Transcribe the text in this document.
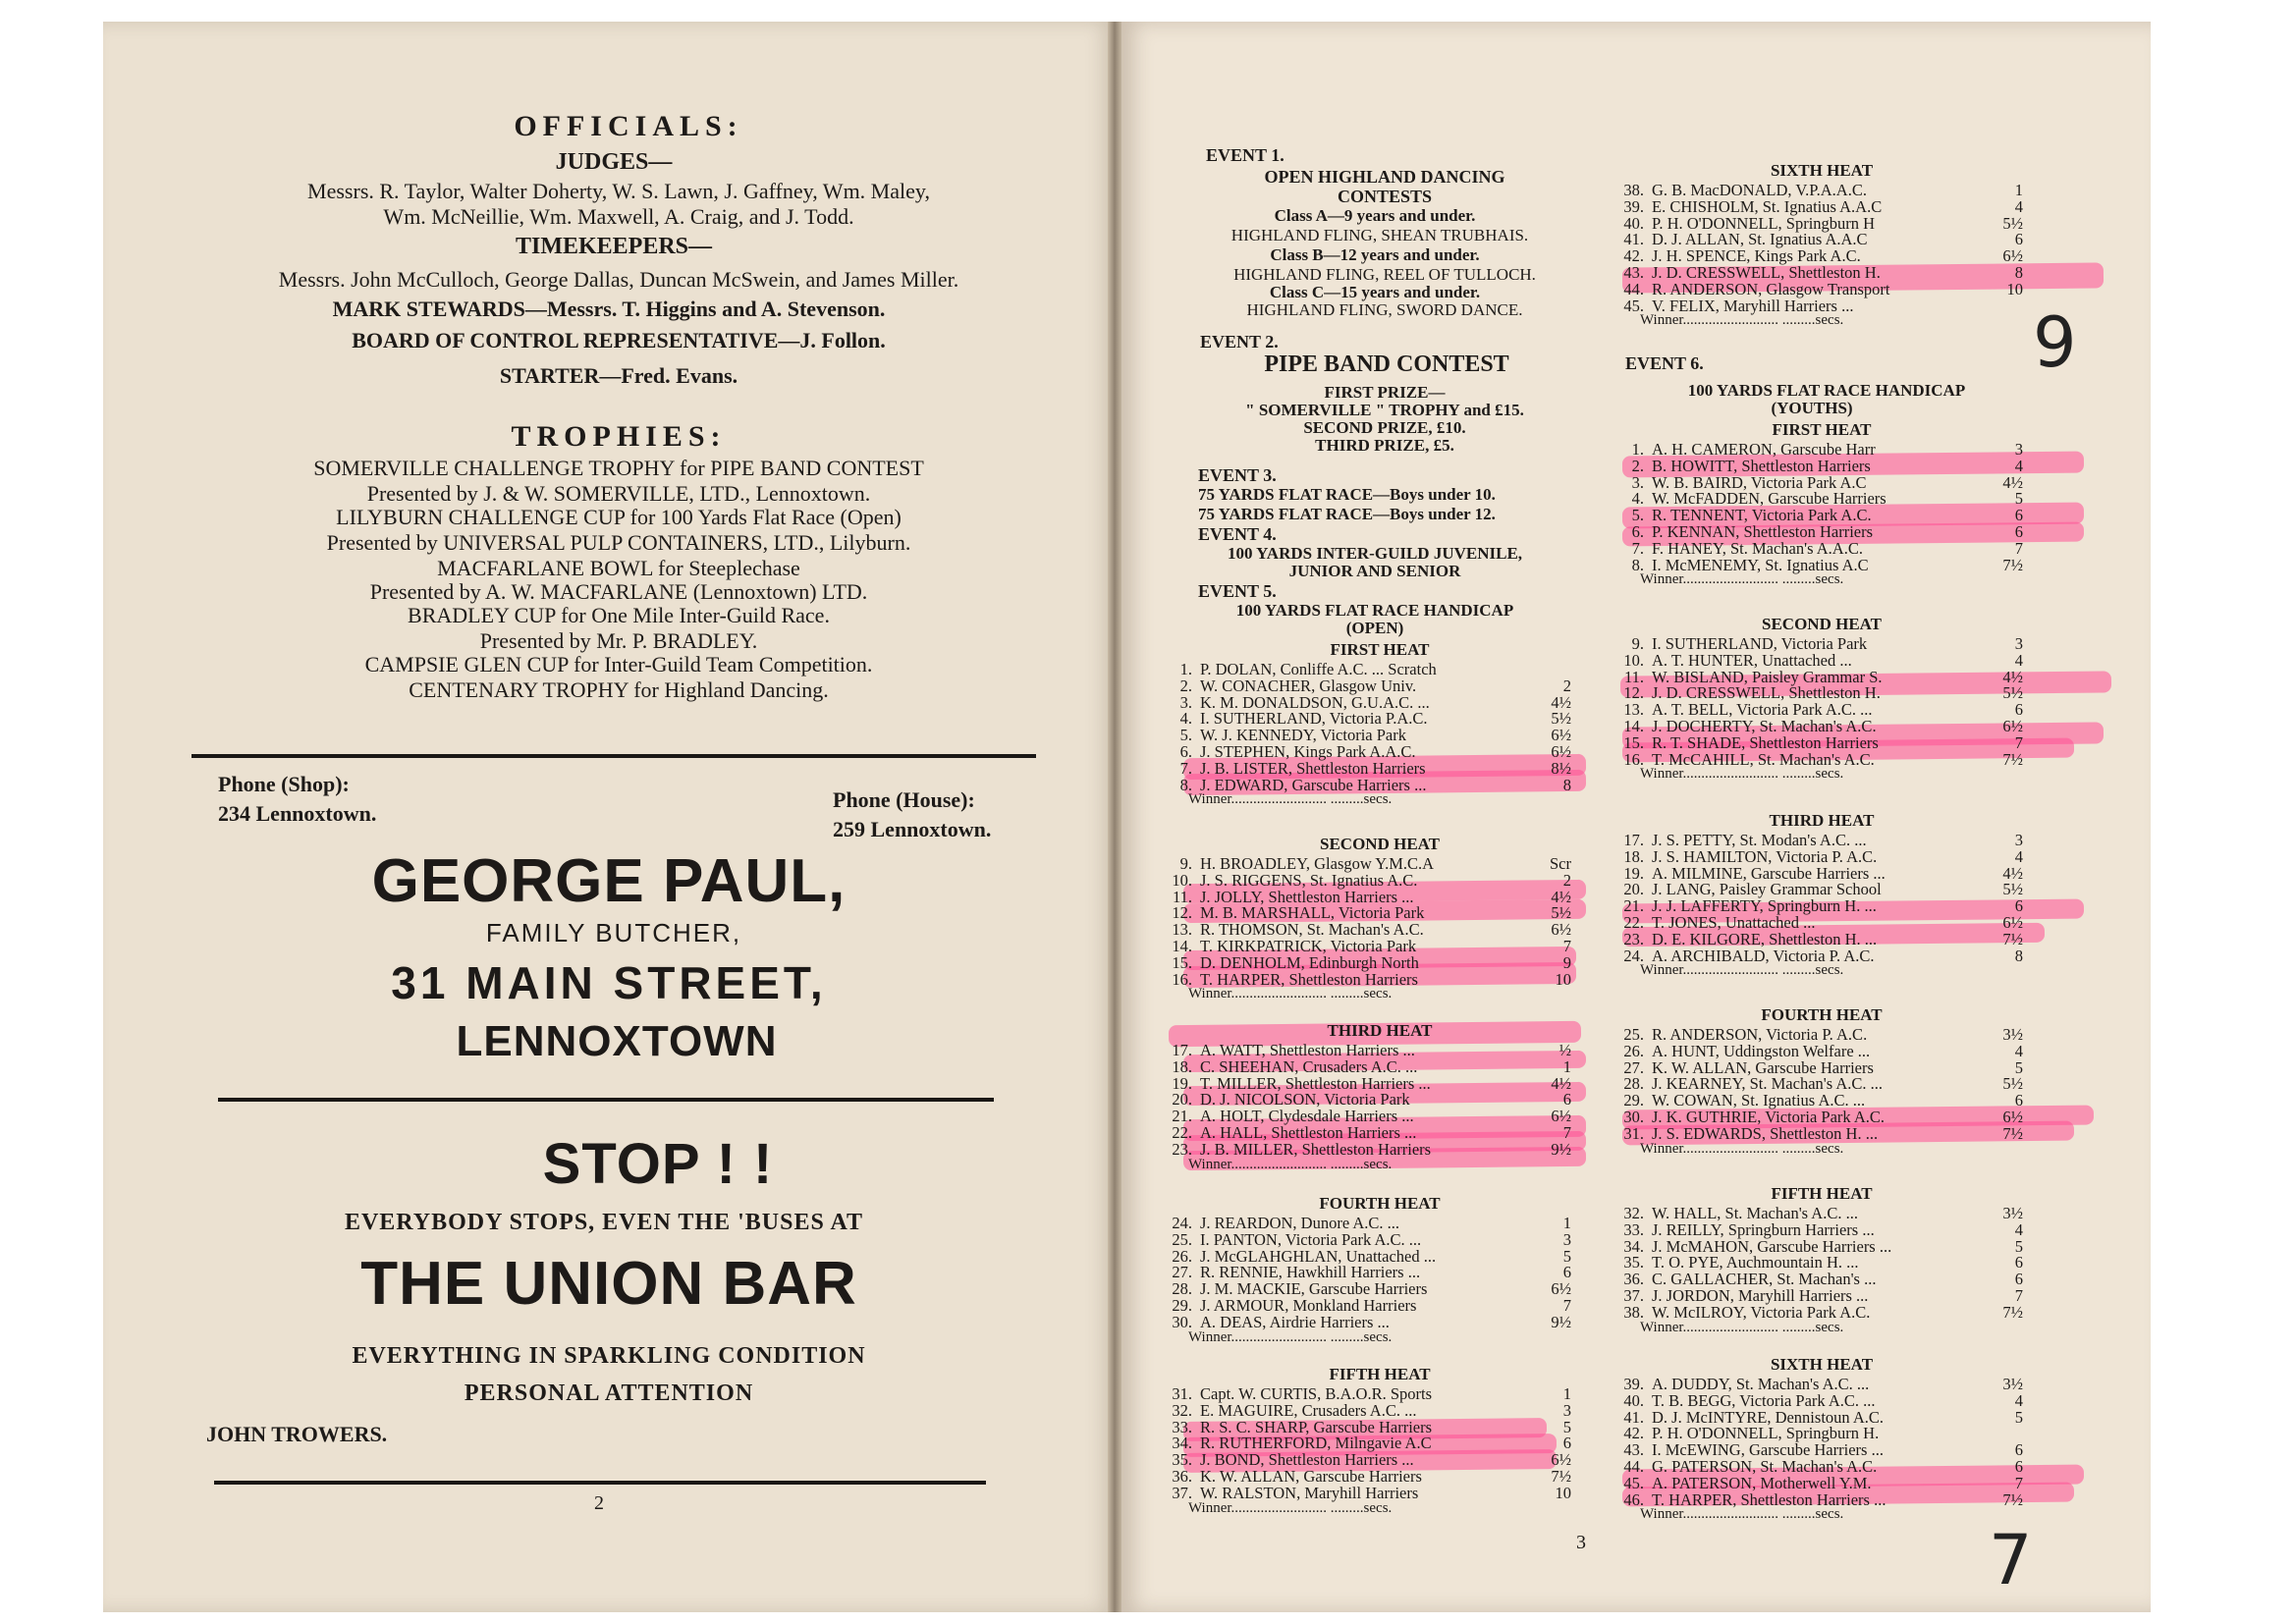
OFFICIALS:
JUDGES—
Messrs. R. Taylor, Walter Doherty, W. S. Lawn, J. Gaffney, Wm. Maley,
Wm. McNeillie, Wm. Maxwell, A. Craig, and J. Todd.
TIMEKEEPERS—
Messrs. John McCulloch, George Dallas, Duncan McSwein, and James Miller.
MARK STEWARDS—Messrs. T. Higgins and A. Stevenson.
BOARD OF CONTROL REPRESENTATIVE—J. Follon.
STARTER—Fred. Evans.
TROPHIES:
SOMERVILLE CHALLENGE TROPHY for PIPE BAND CONTEST
Presented by J. & W. SOMERVILLE, LTD., Lennoxtown.
LILYBURN CHALLENGE CUP for 100 Yards Flat Race (Open)
Presented by UNIVERSAL PULP CONTAINERS, LTD., Lilyburn.
MACFARLANE BOWL for Steeplechase
Presented by A. W. MACFARLANE (Lennoxtown) LTD.
BRADLEY CUP for One Mile Inter-Guild Race.
Presented by Mr. P. BRADLEY.
CAMPSIE GLEN CUP for Inter-Guild Team Competition.
CENTENARY TROPHY for Highland Dancing.
Phone (Shop):
234 Lennoxtown.
Phone (House):
259 Lennoxtown.
GEORGE PAUL,
FAMILY BUTCHER,
31 MAIN STREET,
LENNOXTOWN
STOP ! !
EVERYBODY STOPS, EVEN THE 'BUSES AT
THE UNION BAR
EVERYTHING IN SPARKLING CONDITION
PERSONAL ATTENTION
JOHN TROWERS.
2
EVENT 1.
OPEN HIGHLAND DANCING
CONTESTS
Class A—9 years and under.
HIGHLAND FLING, SHEAN TRUBHAIS.
Class B—12 years and under.
HIGHLAND FLING, REEL OF TULLOCH.
Class C—15 years and under.
HIGHLAND FLING, SWORD DANCE.
EVENT 2.
PIPE BAND CONTEST
FIRST PRIZE—
" SOMERVILLE " TROPHY and £15.
SECOND PRIZE, £10.
THIRD PRIZE, £5.
EVENT 3.
75 YARDS FLAT RACE—Boys under 10.
75 YARDS FLAT RACE—Boys under 12.
EVENT 4.
100 YARDS INTER-GUILD JUVENILE,
JUNIOR AND SENIOR
EVENT 5.
100 YARDS FLAT RACE HANDICAP
(OPEN)
EVENT 6.
100 YARDS FLAT RACE HANDICAP
(YOUTHS)
FIRST HEAT
1. P. DOLAN, Conliffe A.C. ... Scratch
2. W. CONACHER, Glasgow Univ.	2
3. K. M. DONALDSON, G.U.A.C. ...	4½
4. I. SUTHERLAND, Victoria P.A.C.	5½
5. W. J. KENNEDY, Victoria Park	6½
6. J. STEPHEN, Kings Park A.A.C.	6½
7. J. B. LISTER, Shettleston Harriers	8½
8. J. EDWARD, Garscube Harriers ...	8
Winner.......................... .........secs.
SECOND HEAT
9. H. BROADLEY, Glasgow Y.M.C.A	Scr
10. J. S. RIGGENS, St. Ignatius A.C.	2
11. J. JOLLY, Shettleston Harriers ...	4½
12. M. B. MARSHALL, Victoria Park	5½
13. R. THOMSON, St. Machan's A.C.	6½
14. T. KIRKPATRICK, Victoria Park	7
15. D. DENHOLM, Edinburgh North	9
16. T. HARPER, Shettleston Harriers	10
Winner.......................... .........secs.
THIRD HEAT
17. A. WATT, Shettleston Harriers ...	½
18. C. SHEEHAN, Crusaders A.C. ...	1
19. T. MILLER, Shettleston Harriers ...	4½
20. D. J. NICOLSON, Victoria Park	6
21. A. HOLT, Clydesdale Harriers ...	6½
22. A. HALL, Shettleston Harriers ...	7
23. J. B. MILLER, Shettleston Harriers	9½
Winner.......................... .........secs.
FOURTH HEAT
24. J. REARDON, Dunore A.C. ...	1
25. I. PANTON, Victoria Park A.C. ...	3
26. J. McGLAHGHLAN, Unattached ...	5
27. R. RENNIE, Hawkhill Harriers ...	6
28. J. M. MACKIE, Garscube Harriers	6½
29. J. ARMOUR, Monkland Harriers	7
30. A. DEAS, Airdrie Harriers ...	9½
Winner.......................... .........secs.
FIFTH HEAT
31. Capt. W. CURTIS, B.A.O.R. Sports	1
32. E. MAGUIRE, Crusaders A.C. ...	3
33. R. S. C. SHARP, Garscube Harriers	5
34. R. RUTHERFORD, Milngavie A.C	6
35. J. BOND, Shettleston Harriers ...	6½
36. K. W. ALLAN, Garscube Harriers	7½
37. W. RALSTON, Maryhill Harriers	10
Winner.......................... .........secs.
SIXTH HEAT
38. G. B. MacDONALD, V.P.A.A.C.	1
39. E. CHISHOLM, St. Ignatius A.A.C	4
40. P. H. O'DONNELL, Springburn H	5½
41. D. J. ALLAN, St. Ignatius A.A.C	6
42. J. H. SPENCE, Kings Park A.C.	6½
43. J. D. CRESSWELL, Shettleston H.	8
44. R. ANDERSON, Glasgow Transport	10
45. V. FELIX, Maryhill Harriers ...
Winner.......................... .........secs.
FIRST HEAT
1. A. H. CAMERON, Garscube Harr	3
2. B. HOWITT, Shettleston Harriers	4
3. W. B. BAIRD, Victoria Park A.C	4½
4. W. McFADDEN, Garscube Harriers	5
5. R. TENNENT, Victoria Park A.C.	6
6. P. KENNAN, Shettleston Harriers	6
7. F. HANEY, St. Machan's A.A.C.	7
8. I. McMENEMY, St. Ignatius A.C	7½
Winner.......................... .........secs.
SECOND HEAT
9. I. SUTHERLAND, Victoria Park	3
10. A. T. HUNTER, Unattached ...	4
11. W. BISLAND, Paisley Grammar S.	4½
12. J. D. CRESSWELL, Shettleston H.	5½
13. A. T. BELL, Victoria Park A.C. ...	6
14. J. DOCHERTY, St. Machan's A.C.	6½
15. R. T. SHADE, Shettleston Harriers	7
16. T. McCAHILL, St. Machan's A.C.	7½
Winner.......................... .........secs.
THIRD HEAT
17. J. S. PETTY, St. Modan's A.C. ...	3
18. J. S. HAMILTON, Victoria P. A.C.	4
19. A. MILMINE, Garscube Harriers ...	4½
20. J. LANG, Paisley Grammar School	5½
21. J. J. LAFFERTY, Springburn H. ...	6
22. T. JONES, Unattached ...	6½
23. D. E. KILGORE, Shettleston H. ...	7½
24. A. ARCHIBALD, Victoria P. A.C.	8
Winner.......................... .........secs.
FOURTH HEAT
25. R. ANDERSON, Victoria P. A.C.	3½
26. A. HUNT, Uddingston Welfare ...	4
27. K. W. ALLAN, Garscube Harriers	5
28. J. KEARNEY, St. Machan's A.C. ...	5½
29. W. COWAN, St. Ignatius A.C. ...	6
30. J. K. GUTHRIE, Victoria Park A.C.	6½
31. J. S. EDWARDS, Shettleston H. ...	7½
Winner.......................... .........secs.
FIFTH HEAT
32. W. HALL, St. Machan's A.C. ...	3½
33. J. REILLY, Springburn Harriers ...	4
34. J. McMAHON, Garscube Harriers ...	5
35. T. O. PYE, Auchmountain H. ...	6
36. C. GALLACHER, St. Machan's ...	6
37. J. JORDON, Maryhill Harriers ...	7
38. W. McILROY, Victoria Park A.C.	7½
Winner.......................... .........secs.
SIXTH HEAT
39. A. DUDDY, St. Machan's A.C. ...	3½
40. T. B. BEGG, Victoria Park A.C. ...	4
41. D. J. McINTYRE, Dennistoun A.C.	5
42. P. H. O'DONNELL, Springburn H.
43. I. McEWING, Garscube Harriers ...	6
44. G. PATERSON, St. Machan's A.C.	6
45. A. PATERSON, Motherwell Y.M.	7
46. T. HARPER, Shettleston Harriers ...	7½
Winner.......................... .........secs.
3
9
7
